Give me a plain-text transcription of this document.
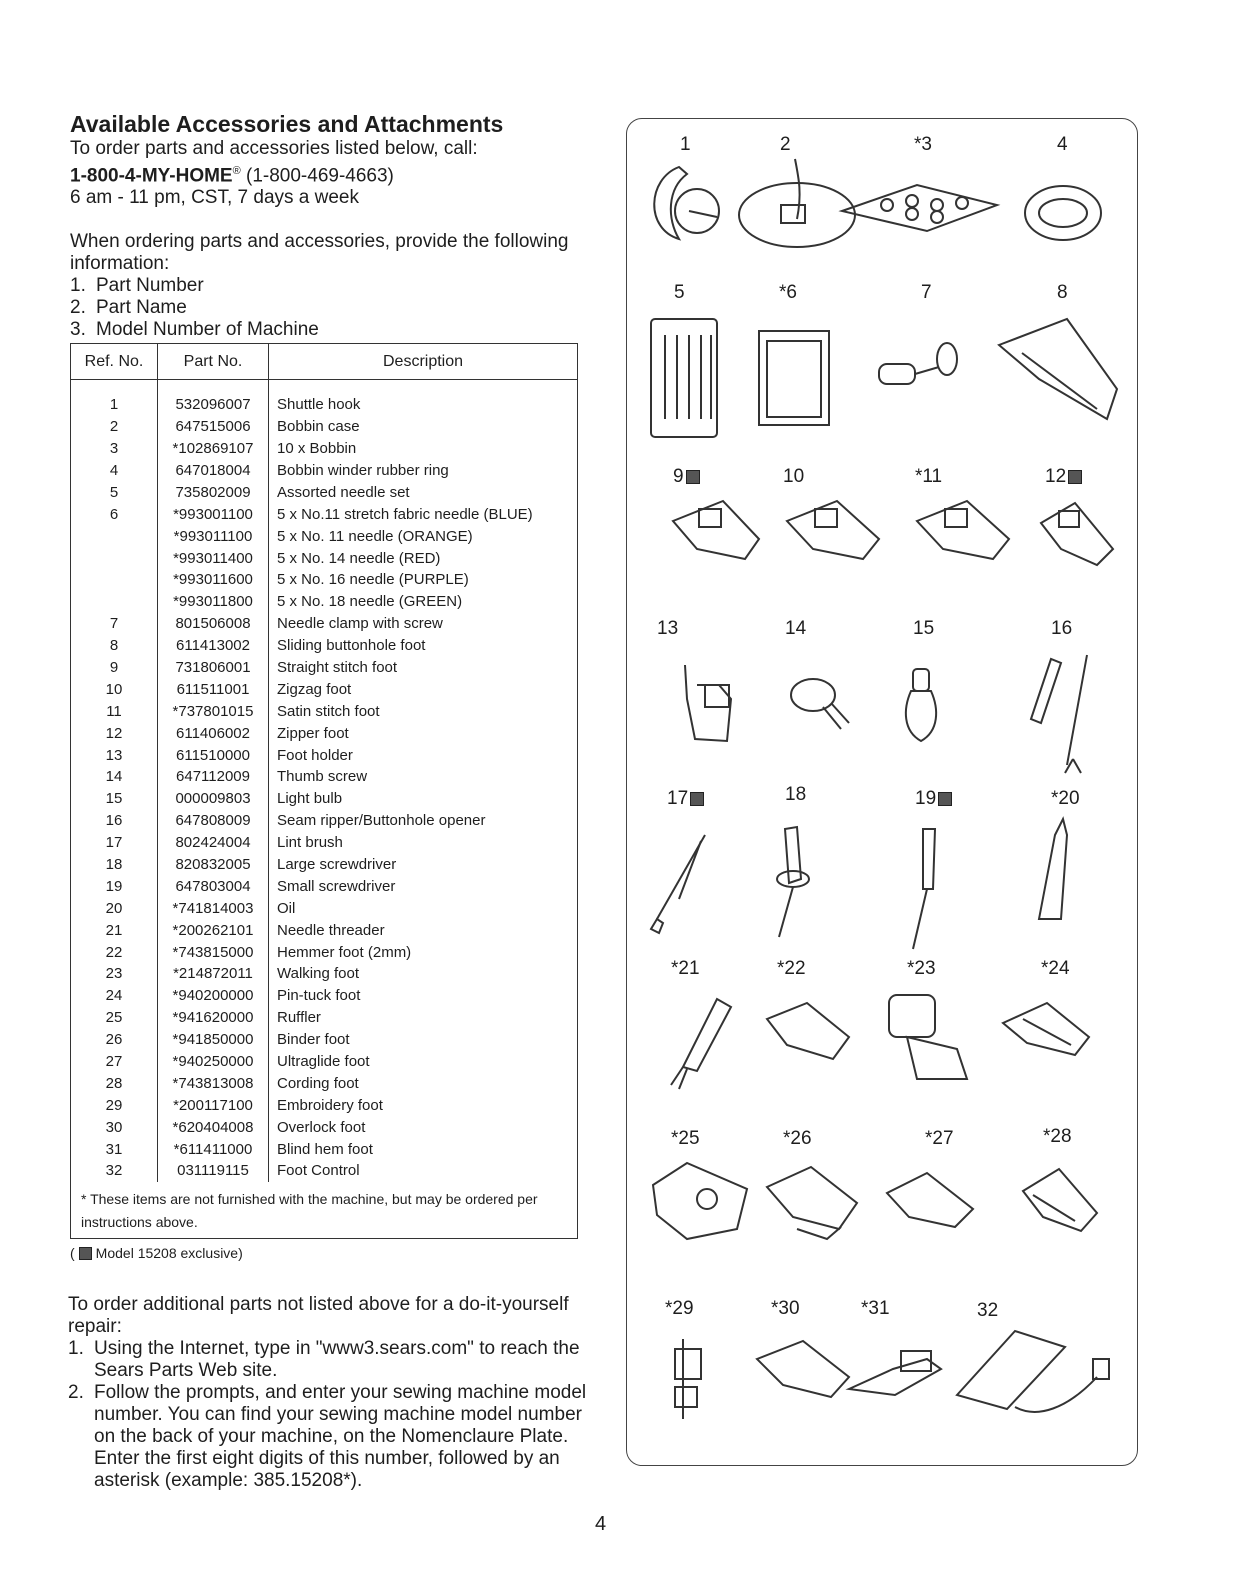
Available Accessories and Attachments
To order parts and accessories listed below, call:
1-800-4-MY-HOME® (1-800-469-4663)
6 am - 11 pm, CST, 7 days a week
When ordering parts and accessories, provide the following information:
1. Part Number
2. Part Name
3. Model Number of Machine
Ref. No.	Part No.	Description
1	532096007	Shuttle hook
2	647515006	Bobbin case
3	*102869107	10 x Bobbin
4	647018004	Bobbin winder rubber ring
5	735802009	Assorted needle set
6	*993001100	5 x No.11 stretch fabric needle (BLUE)
	*993011100	5 x No. 11 needle (ORANGE)
	*993011400	5 x No. 14 needle (RED)
	*993011600	5 x No. 16 needle (PURPLE)
	*993011800	5 x No. 18 needle (GREEN)
7	801506008	Needle clamp with screw
8	611413002	Sliding buttonhole foot
9	731806001	Straight stitch foot
10	611511001	Zigzag foot
11	*737801015	Satin stitch foot
12	611406002	Zipper foot
13	611510000	Foot holder
14	647112009	Thumb screw
15	000009803	Light bulb
16	647808009	Seam ripper/Buttonhole opener
17	802424004	Lint brush
18	820832005	Large screwdriver
19	647803004	Small screwdriver
20	*741814003	Oil
21	*200262101	Needle threader
22	*743815000	Hemmer foot (2mm)
23	*214872011	Walking foot
24	*940200000	Pin-tuck foot
25	*941620000	Ruffler
26	*941850000	Binder foot
27	*940250000	Ultraglide foot
28	*743813008	Cording foot
29	*200117100	Embroidery foot
30	*620404008	Overlock foot
31	*611411000	Blind hem foot
32	031119115	Foot Control
* These items are not furnished with the machine, but may be ordered per instructions above.
( Model 15208 exclusive)
To order additional parts not listed above for a do-it-yourself repair:
1. Using the Internet, type in "www3.sears.com" to reach the Sears Parts Web site.
2. Follow the prompts, and enter your sewing machine model number. You can find your sewing machine model number on the back of your machine, on the Nomenclaure Plate. Enter the first eight digits of this number, followed by an asterisk (example: 385.15208*).
4
1	2	*3	4
5	*6	7	8
9	10	*11	12
13	14	15	16
17	18	19	*20
*21	*22	*23	*24
*25	*26	*27	*28
*29	*30	*31	32
